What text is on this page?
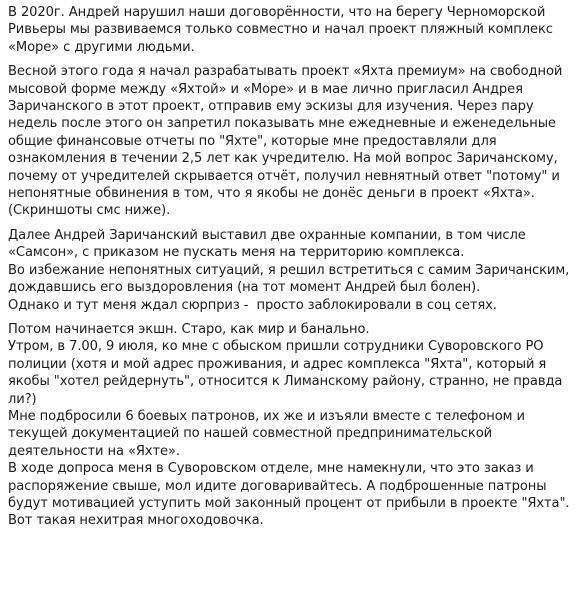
В 2020г. Андрей нарушил наши договорённости, что на берегу Черноморской Ривьеры мы развиваемся только совместно и начал проект пляжный комплекс «Море» с другими людьми.

Весной этого года я начал разрабатывать проект «Яхта премиум» на свободной мысовой форме между «Яхтой» и «Море» и в мае лично пригласил Андрея Заричанского в этот проект, отправив ему эскизы для изучения. Через пару недель после этого он запретил показывать мне ежедневные и еженедельные общие финансовые отчеты по "Яхте", которые мне предоставляли для ознакомления в течении 2,5 лет как учредителю. На мой вопрос Заричанскому, почему от учредителей скрывается отчёт, получил невнятный ответ "потому" и непонятные обвинения в том, что я якобы не донёс деньги в проект «Яхта». (Скриншоты смс ниже).

Далее Андрей Заричанский выставил две охранные компании, в том числе «Самсон», с приказом не пускать меня на территорию комплекса.
Во избежание непонятных ситуаций, я решил встретиться с самим Заричанским, дождавшись его выздоровления (на тот момент Андрей был болен).
Однако и тут меня ждал сюрприз -  просто заблокировали в соц сетях.

Потом начинается экшн. Старо, как мир и банально.
Утром, в 7.00, 9 июля, ко мне с обыском пришли сотрудники Суворовского РО полиции (хотя и мой адрес проживания, и адрес комплекса "Яхта", который я якобы "хотел рейдернуть", относится к Лиманскому району, странно, не правда ли?)
Мне подбросили 6 боевых патронов, их же и изъяли вместе с телефоном и текущей документацией по нашей совместной предпринимательской деятельности на «Яхте».
В ходе допроса меня в Суворовском отделе, мне намекнули, что это заказ и распоряжение свыше, мол идите договаривайтесь. А подброшенные патроны будут мотивацией уступить мой законный процент от прибыли в проекте "Яхта". Вот такая нехитрая многоходовочка.
